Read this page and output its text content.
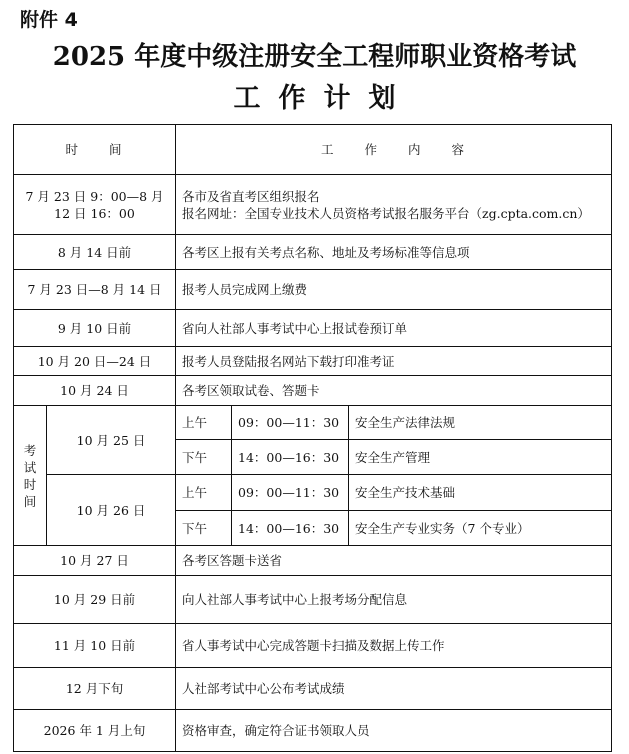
附件 4
2025 年度中级注册安全工程师职业资格考试
工作计划
时　　间		工　　作　　内　　容		
7 月 23 日 9：00—8 月 12 日 16：00		各市及省直考区组织报名
报名网址：全国专业技术人员资格考试报名服务平台（zg.cpta.com.cn）		

8 月 14 日前		各考区上报有关考点名称、地址及考场标准等信息项		
7 月 23 日—8 月 14 日		报考人员完成网上缴费		
9 月 10 日前		省向人社部人事考试中心上报试卷预订单		
10 月 20 日—24 日		报考人员登陆报名网站下载打印准考证		
10 月 24 日		各考区领取试卷、答题卡		

考
试
时
间	10 月 25 日	上午	09：00—11：30	安全生产法律法规
		下午	14：00—16：30	安全生产管理
	10 月 26 日	上午	09：00—11：30	安全生产技术基础
		下午	14：00—16：30	安全生产专业实务（7 个专业）
10 月 27 日		各考区答题卡送省		
10 月 29 日前		向人社部人事考试中心上报考场分配信息		
11 月 10 日前		省人事考试中心完成答题卡扫描及数据上传工作		
12 月下旬		人社部考试中心公布考试成绩		
2026 年 1 月上旬		资格审查，确定符合证书领取人员		
